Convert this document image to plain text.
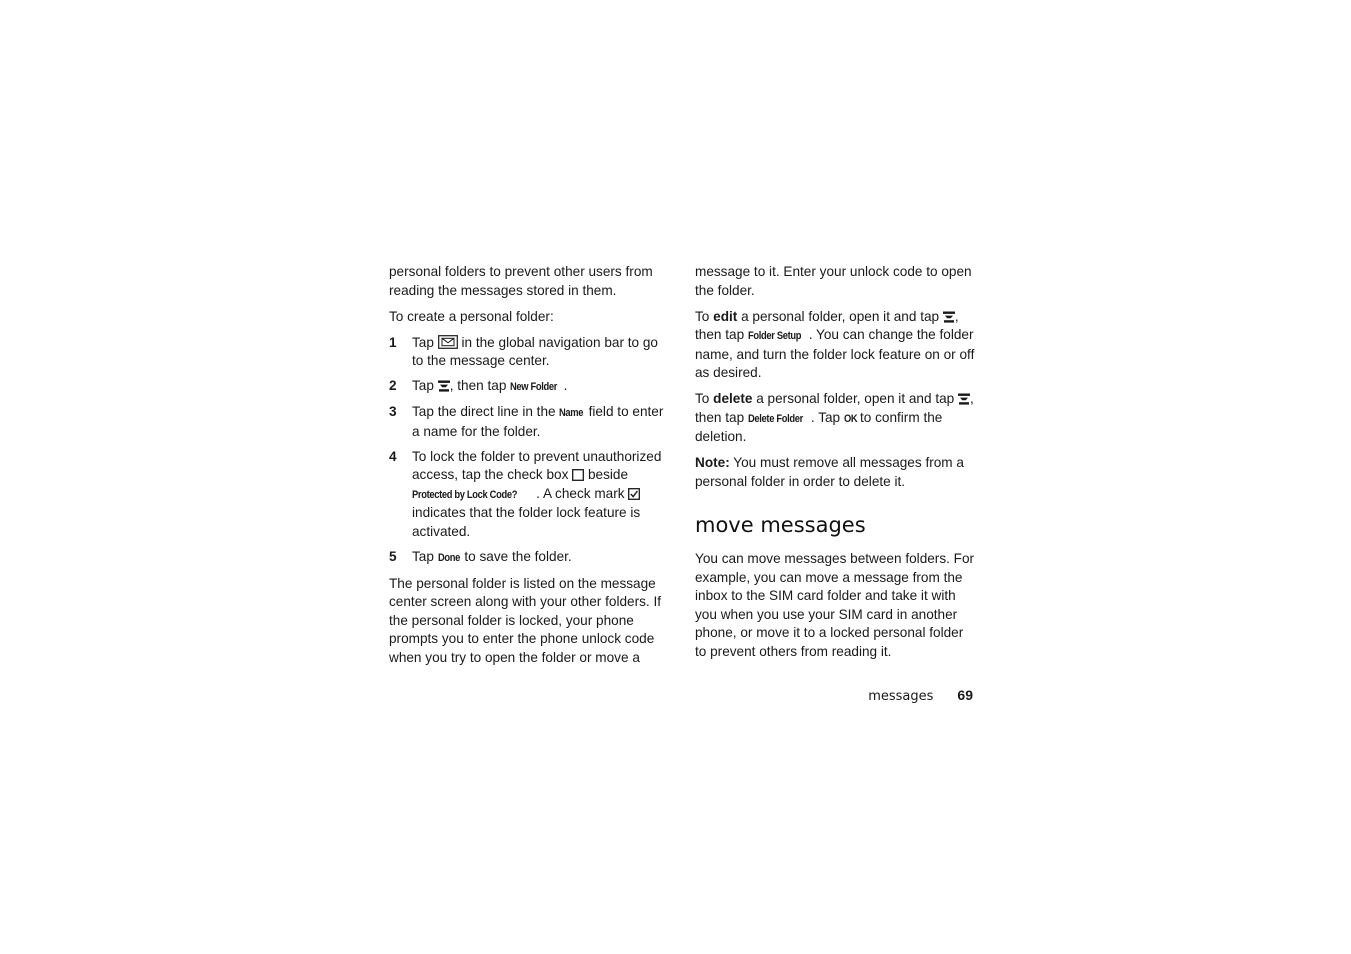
personal folders to prevent other users from reading the messages stored in them.

To create a personal folder:

1	Tap in the global navigation bar to go to the message center.
2	Tap , then tap New Folder .
3	Tap the direct line in the Name field to enter a name for the folder.
4	To lock the folder to prevent unauthorized access, tap the check box beside Protected by Lock Code? . A check mark
indicates that the folder lock feature is activated.
5	Tap Done to save the folder.

The personal folder is listed on the message center screen along with your other folders. If the personal folder is locked, your phone prompts you to enter the phone unlock code when you try to open the folder or move a

message to it. Enter your unlock code to open the folder.

To edit a personal folder, open it and tap , then tap Folder Setup . You can change the folder name, and turn the folder lock feature on or off as desired.

To delete a personal folder, open it and tap , then tap Delete Folder . Tap OK to confirm the deletion.

Note: You must remove all messages from a personal folder in order to delete it.

move messages

You can move messages between folders. For example, you can move a message from the inbox to the SIM card folder and take it with you when you use your SIM card in another phone, or move it to a locked personal folder to prevent others from reading it.

messages 69
